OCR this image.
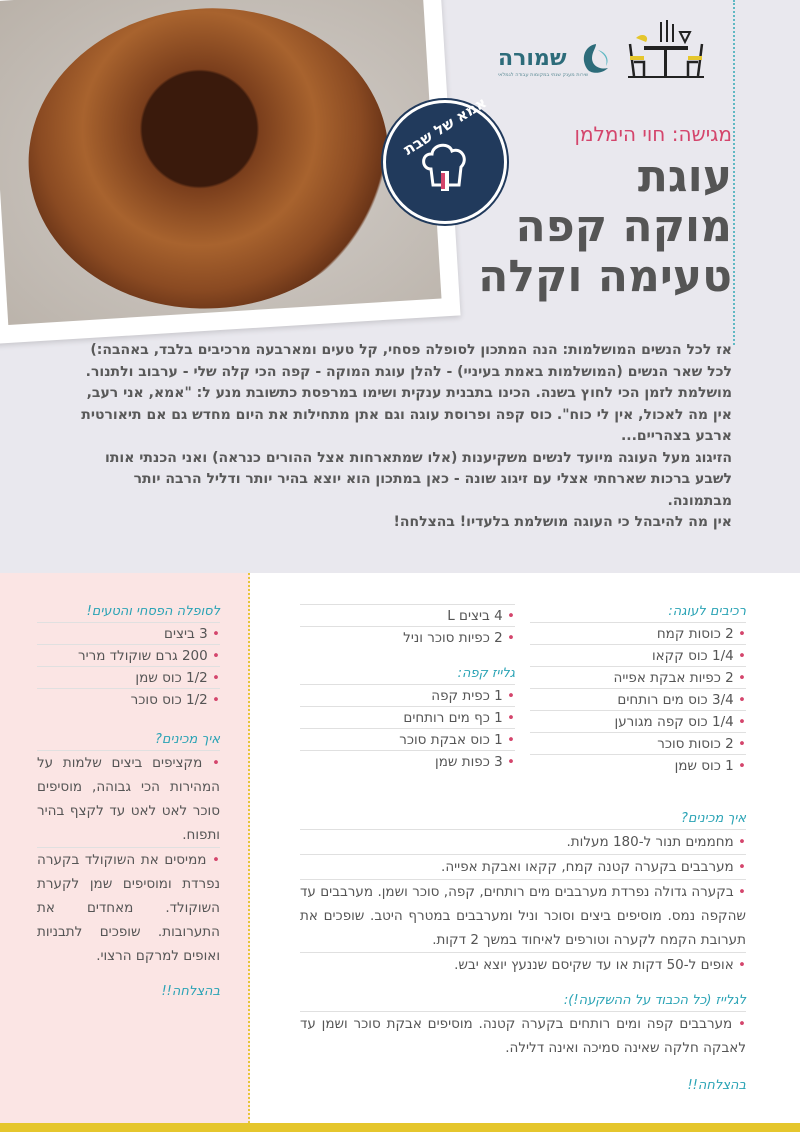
אמא של שבת
שמורה
שירות מענק שנתי במקומות עבודה לגמלאי
מגישה: חוי הימלמן
עוגת
מוקה קפה
טעימה וקלה

אז לכל הנשים המושלמות: הנה המתכון לסופלה פסחי, קל טעים ומארבעה מרכיבים בלבד, באהבה:)

לכל שאר הנשים (המושלמות באמת בעיניי) - להלן עוגת המוקה - קפה הכי קלה שלי - ערבוב ולתנור. מושלמת לזמן הכי לחוץ בשנה. הכינו בתבנית ענקית ושימו במרפסת כתשובת מנע ל: "אמא, אני רעב, אין מה לאכול, אין לי כוח". כוס קפה ופרוסת עוגה וגם אתן מתחילות את היום מחדש גם אם תיאורטית ארבע בצהריים...

הזיגוג מעל העוגה מיועד לנשים משקיענות (אלו שמתארחות אצל ההורים כנראה) ואני הכנתי אותו לשבע ברכות שארחתי אצלי עם זיגוג שונה - כאן במתכון הוא יוצא בהיר יותר ודליל הרבה יותר מבתמונה.

אין מה להיבהל כי העוגה מושלמת בלעדיו! בהצלחה!

לסופלה הפסחי והטעים!
• 3 ביצים
• 200 גרם שוקולד מריר
• 1/2 כוס שמן
• 1/2 כוס סוכר
איך מכינים?

• מקציפים ביצים שלמות על המהירות הכי גבוהה, מוסיפים סוכר לאט לאט עד לקצף בהיר ותפוח.

• ממיסים את השוקולד בקערה נפרדת ומוסיפים שמן לקערת השוקולד. מאחדים את התערובות. שופכים לתבניות ואופים למרקם הרצוי.

בהצלחה!!

רכיבים לעוגה:
• 2 כוסות קמח
• 1/4 כוס קקאו
• 2 כפיות אבקת אפייה
• 3/4 כוס מים רותחים
• 1/4 כוס קפה מגורען
• 2 כוסות סוכר
• 1 כוס שמן
• 4 ביצים L
• 2 כפיות סוכר וניל
גלייז קפה:
• 1 כפית קפה
• 1 כף מים רותחים
• 1 כוס אבקת סוכר
• 3 כפות שמן
איך מכינים?

• מחממים תנור ל-180 מעלות.

• מערבבים בקערה קטנה קמח, קקאו ואבקת אפייה.

• בקערה גדולה נפרדת מערבבים מים רותחים, קפה, סוכר ושמן. מערבבים עד שהקפה נמס. מוסיפים ביצים וסוכר וניל ומערבבים במטרף היטב. שופכים את תערובת הקמח לקערה וטורפים לאיחוד במשך 2 דקות.

• אופים ל-50 דקות או עד שקיסם שננעץ יוצא יבש.

לגלייז (כל הכבוד על ההשקעה!):

• מערבבים קפה ומים רותחים בקערה קטנה. מוסיפים אבקת סוכר ושמן עד לאבקה חלקה שאינה סמיכה ואינה דלילה.

בהצלחה!!
